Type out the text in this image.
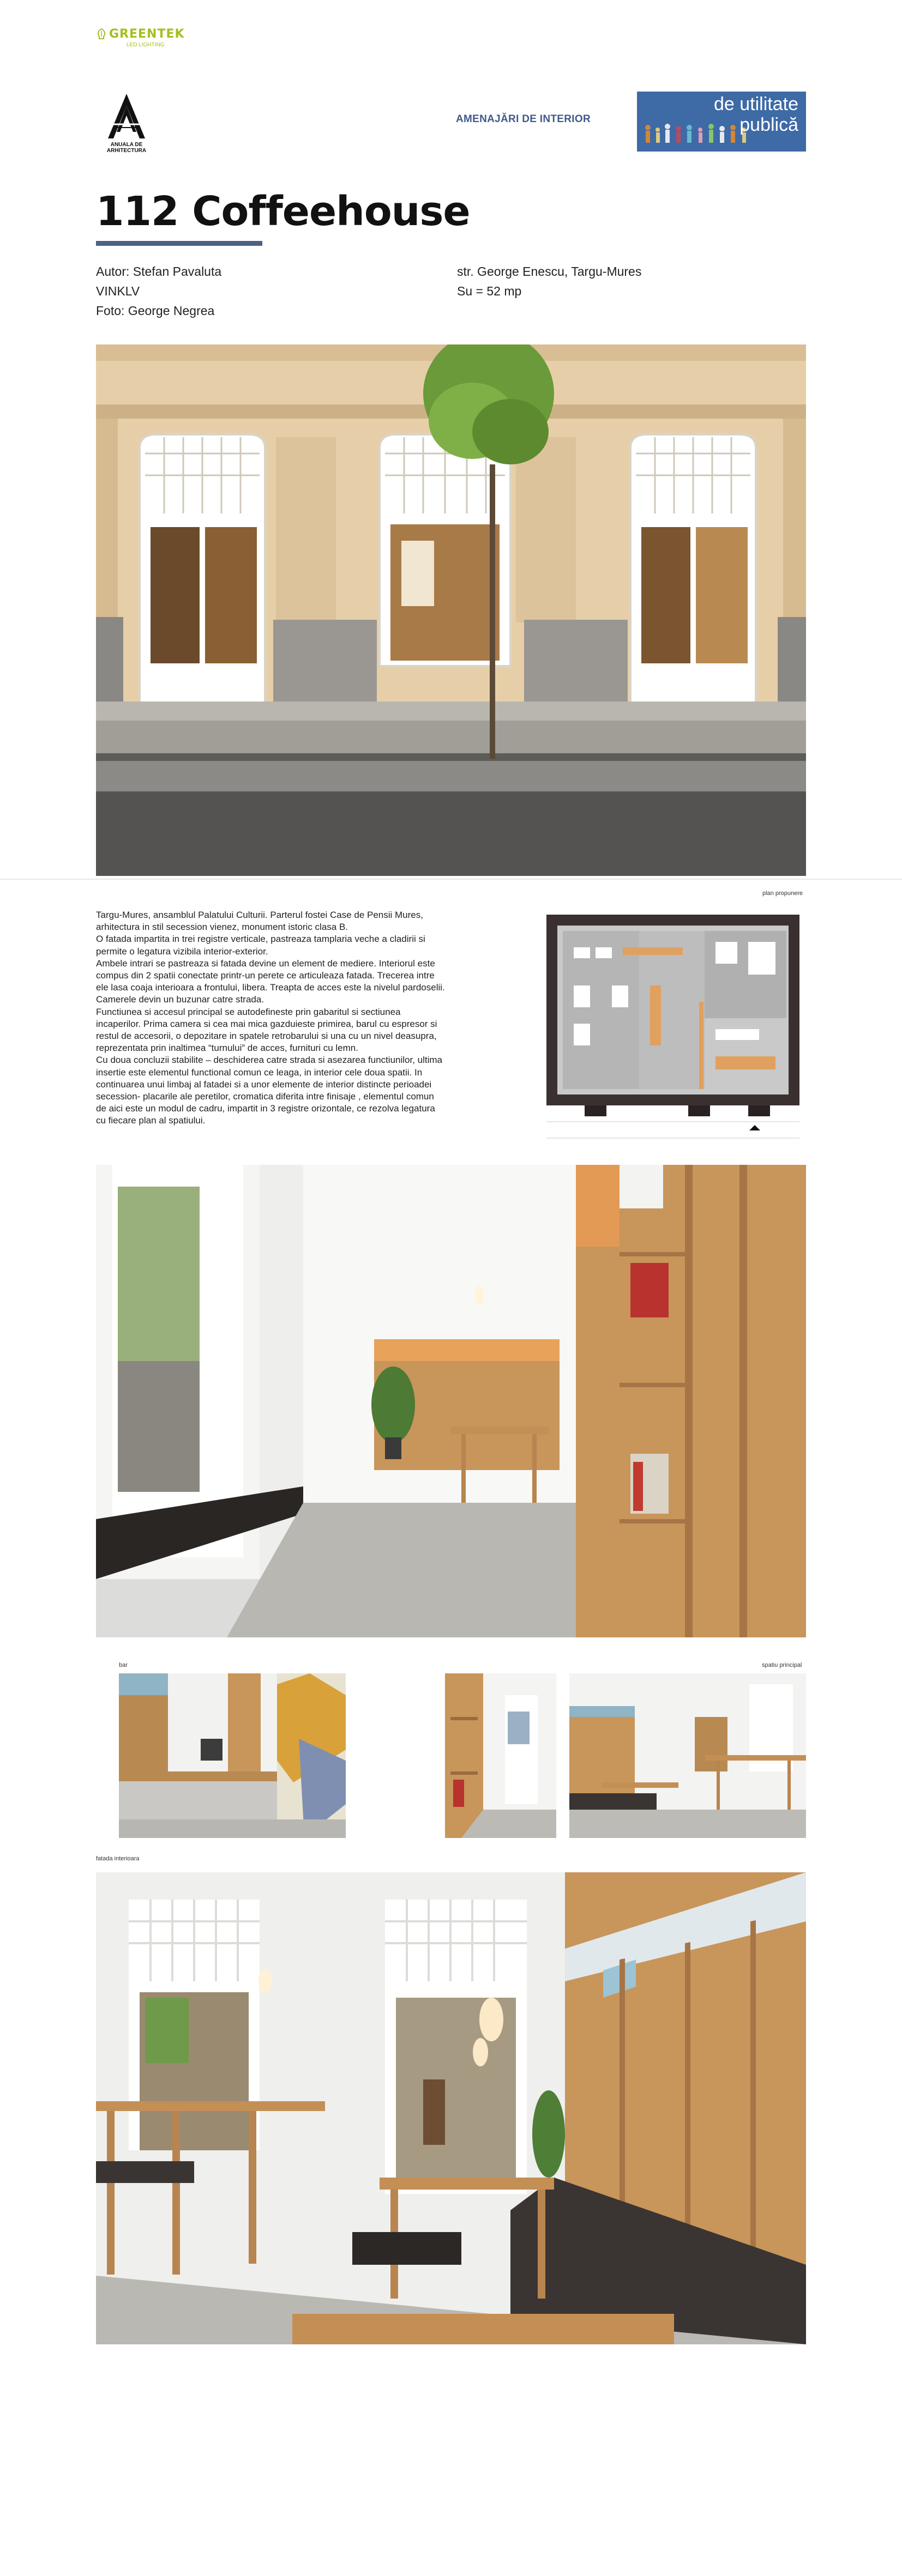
GREENTEK
LED LIGHTING
ANUALA DE ARHITECTURA
AMENAJĂRI DE INTERIOR
de utilitate
publică
112 Coffeehouse
Autor: Stefan Pavaluta
VINKLV
Foto: George Negrea
str. George Enescu, Targu-Mures
Su = 52 mp
plan propunere

Targu-Mures, ansamblul Palatului Culturii. Parterul fostei Case de Pensii Mures, arhitectura in stil secession vienez, monument istoric clasa B.

O fatada impartita in trei registre verticale, pastreaza tamplaria veche a cladirii si permite o legatura vizibila interior-exterior.

Ambele intrari se pastreaza si fatada devine un element de mediere. Interiorul este compus din 2 spatii conectate printr-un perete ce articuleaza fatada. Trecerea intre ele lasa coaja interioara a frontului, libera. Treapta de acces este la nivelul pardoselii. Camerele devin un buzunar catre strada.

Functiunea si accesul principal se autodefineste prin gabaritul si sectiunea incaperilor. Prima camera si cea mai mica gazduieste primirea, barul cu espresor si restul de accesorii, o depozitare in spatele retrobarului si una cu un nivel deasupra, reprezentata prin inaltimea “turnului” de acces, furnituri cu lemn.

Cu doua concluzii stabilite – deschiderea catre strada si asezarea functiunilor, ultima insertie este elementul functional comun ce leaga, in interior cele doua spatii. In continuarea unui limbaj al fatadei si a unor elemente de interior distincte perioadei secession- placarile ale peretilor, cromatica diferita intre finisaje , elementul comun de aici este un modul de cadru, impartit in 3 registre orizontale, ce rezolva legatura cu fiecare plan al spatiului.

bar	spatiu principal
fatada interioara
